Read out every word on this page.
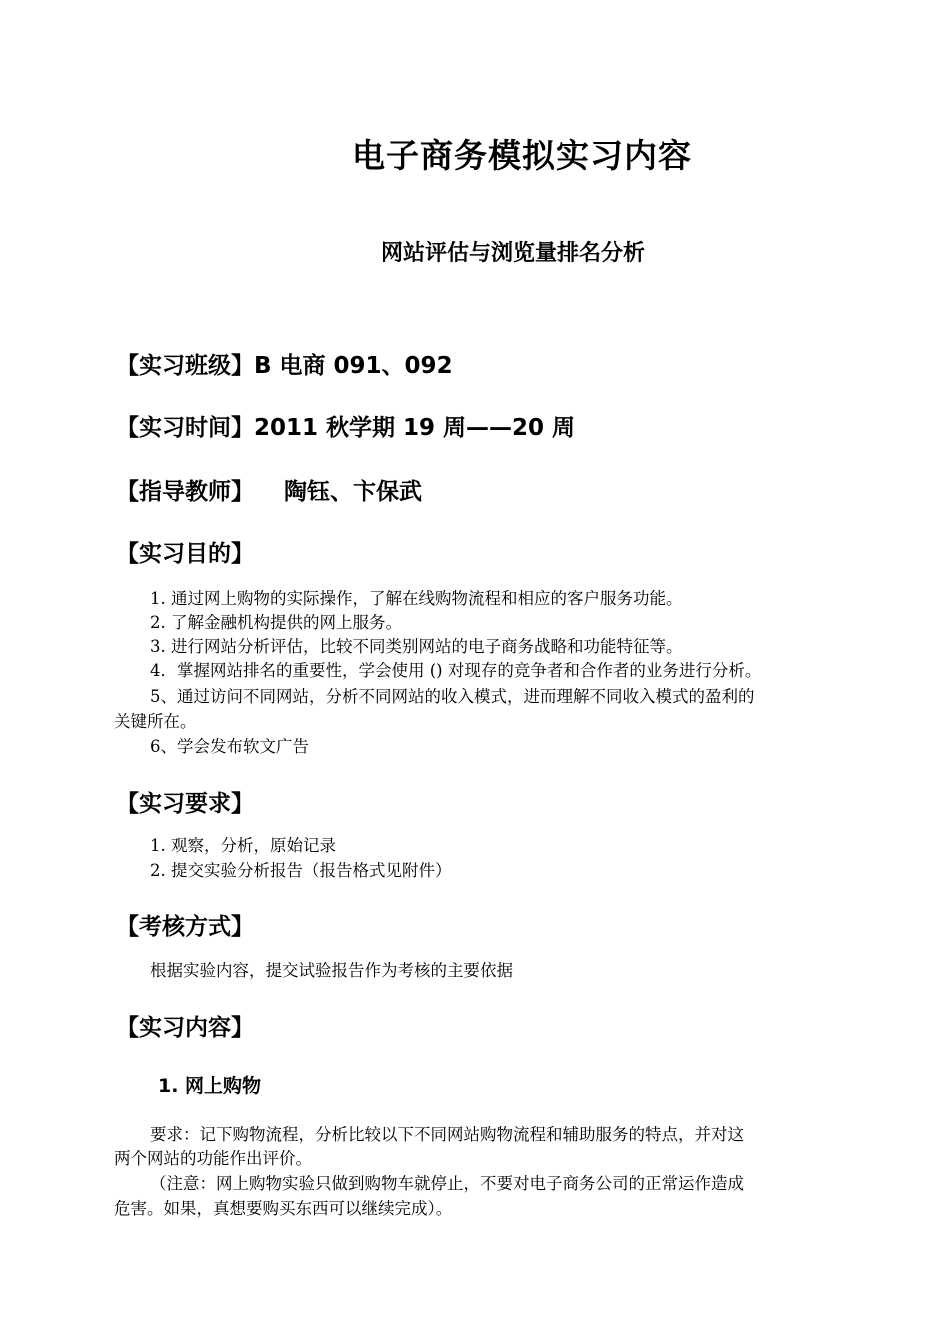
电子商务模拟实习内容
网站评估与浏览量排名分析
【实习班级】B 电商 091、092
【实习时间】2011 秋学期 19 周——20 周
【指导教师】 陶钰、卞保武
【实习目的】
1. 通过网上购物的实际操作，了解在线购物流程和相应的客户服务功能。
2. 了解金融机构提供的网上服务。
3. 进行网站分析评估，比较不同类别网站的电子商务战略和功能特征等。
4．掌握网站排名的重要性，学会使用 () 对现存的竞争者和合作者的业务进行分析。
5、通过访问不同网站，分析不同网站的收入模式，进而理解不同收入模式的盈利的
关键所在。
6、学会发布软文广告
【实习要求】
1. 观察，分析，原始记录
2. 提交实验分析报告（报告格式见附件）
【考核方式】
根据实验内容，提交试验报告作为考核的主要依据
【实习内容】
1. 网上购物
要求：记下购物流程，分析比较以下不同网站购物流程和辅助服务的特点，并对这
两个网站的功能作出评价。
（注意：网上购物实验只做到购物车就停止，不要对电子商务公司的正常运作造成
危害。如果，真想要购买东西可以继续完成）。
